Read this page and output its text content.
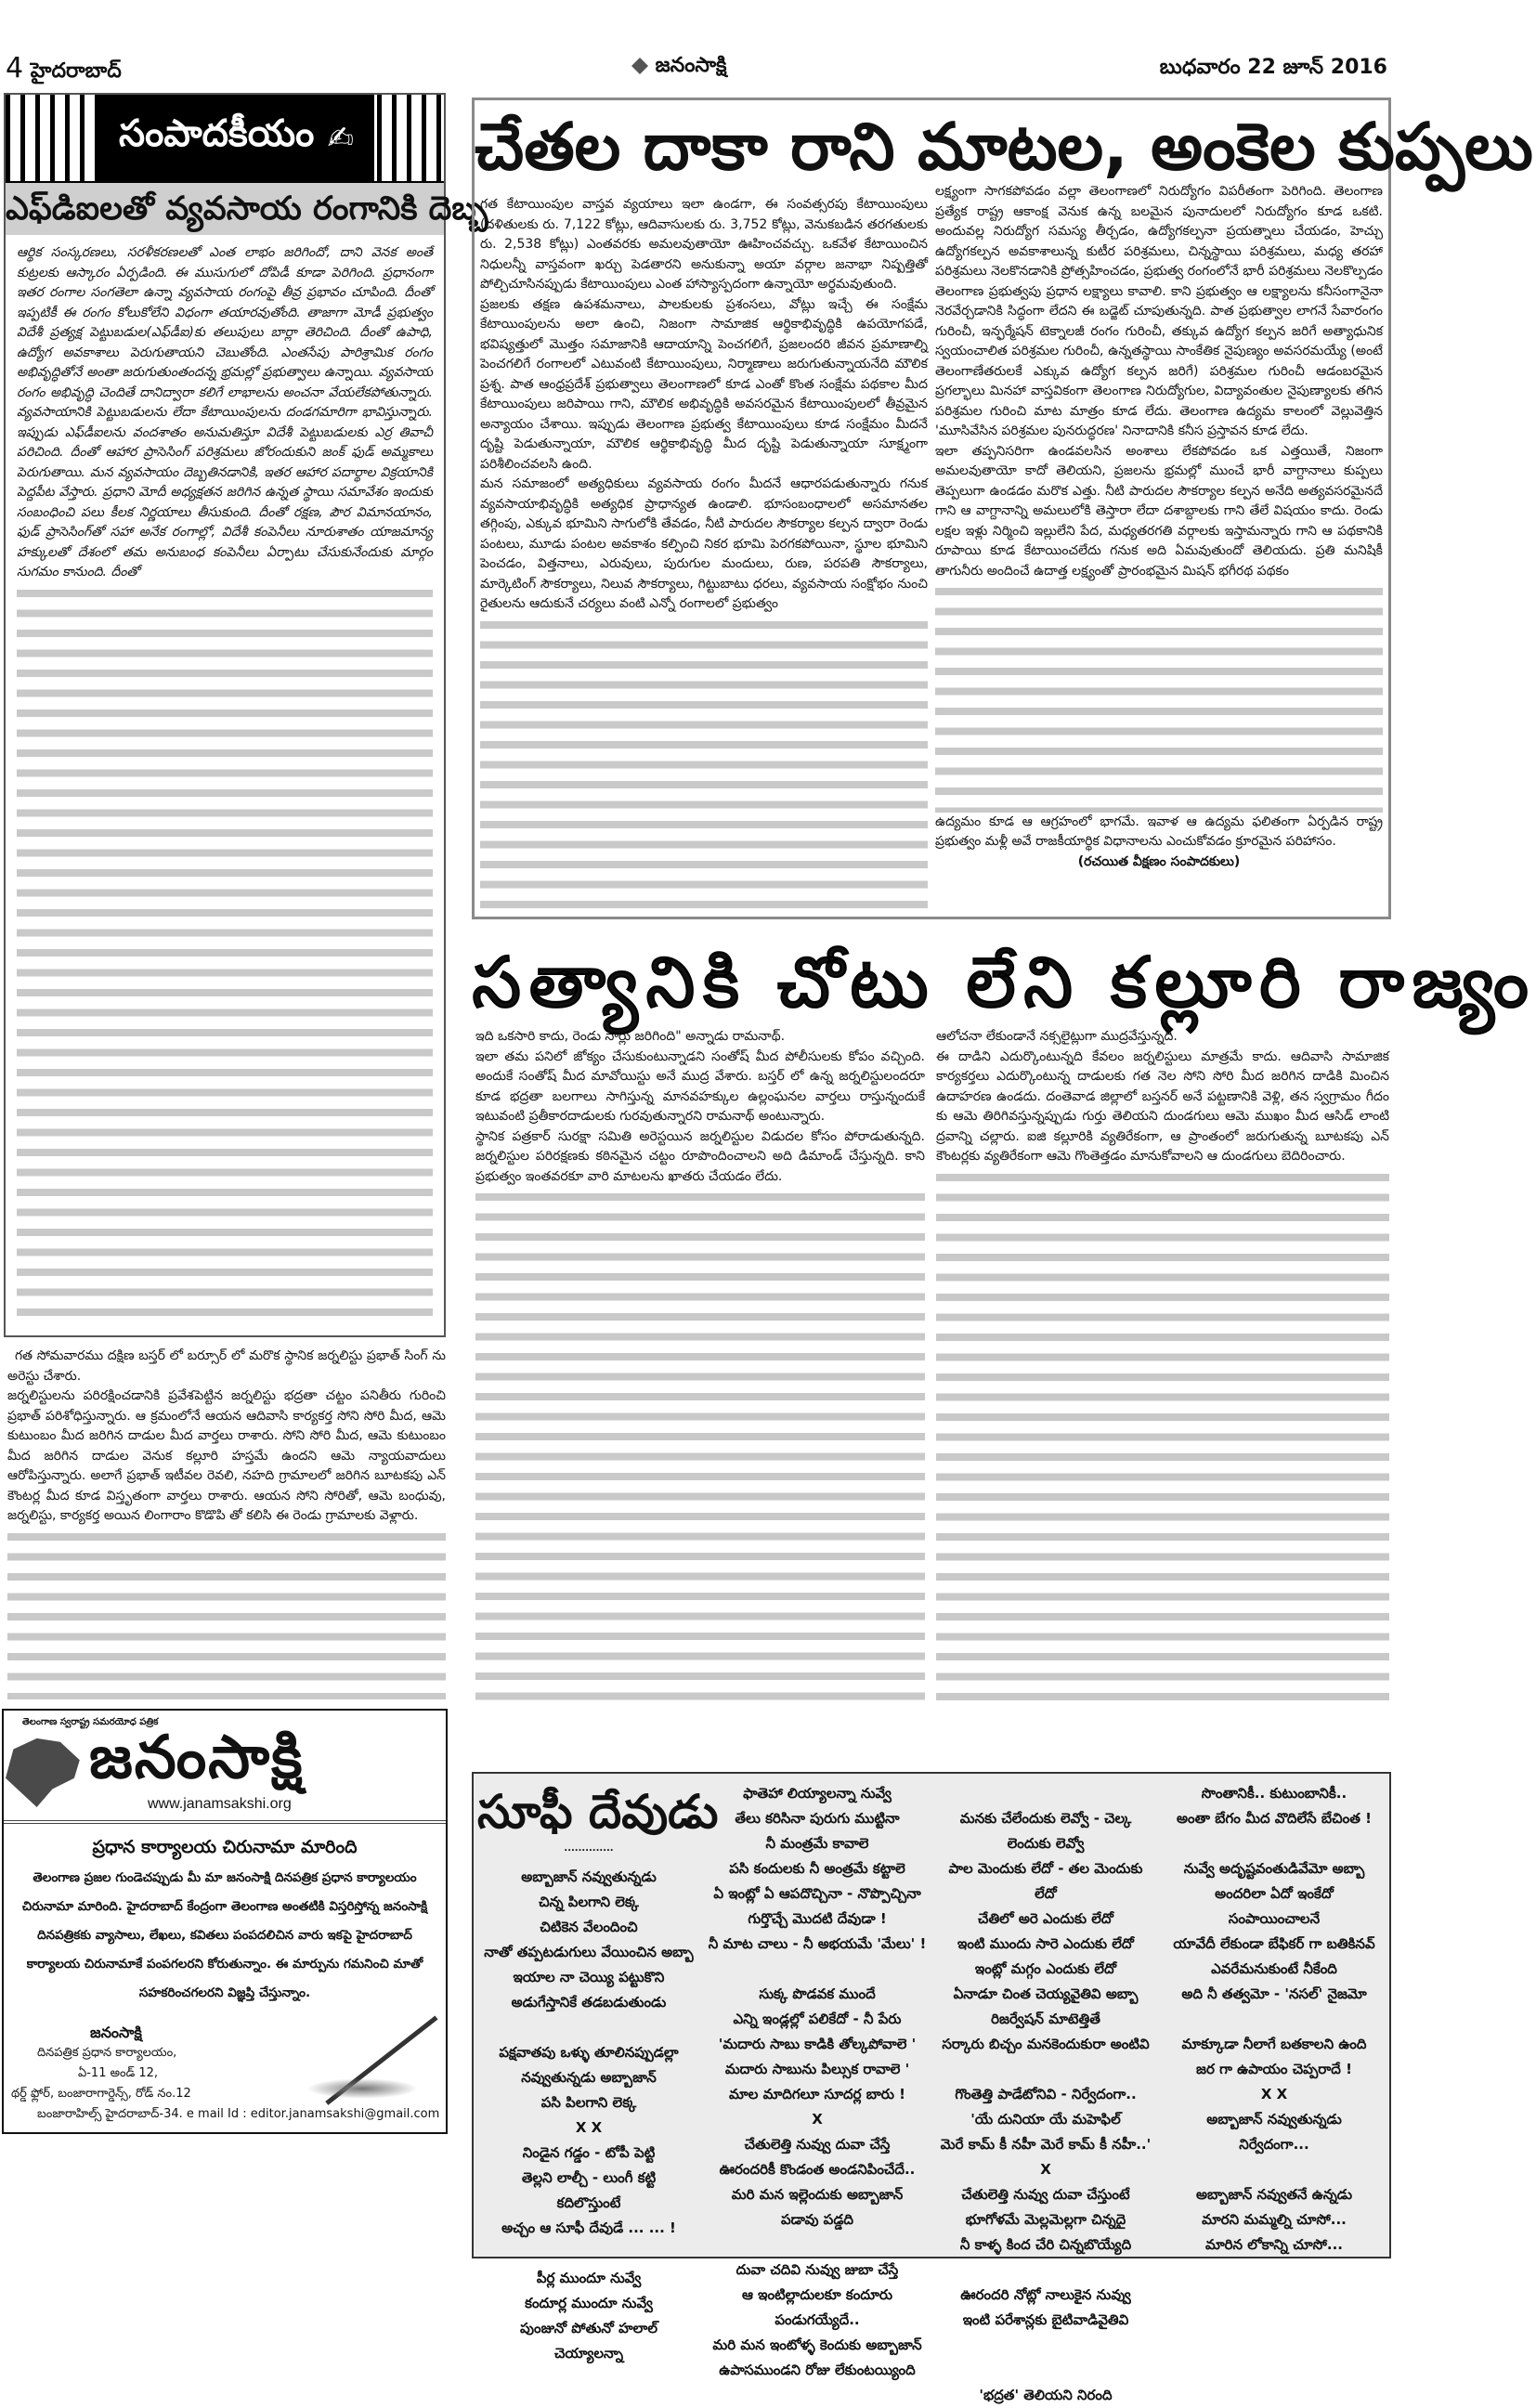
4 హైదరాబాద్	జనంసాక్షి	బుధవారం 22 జూన్ 2016
సంపాదకీయం ✍
ఎఫ్‌డిఐలతో వ్యవసాయ రంగానికి దెబ్బ

ఆర్థిక సంస్కరణలు, సరళీకరణలతో ఎంత లాభం జరిగిందో, దాని వెనక అంతే కుట్రలకు ఆస్కారం ఏర్పడింది. ఈ ముసుగులో దోపిడీ కూడా పెరిగింది. ప్రధానంగా ఇతర రంగాల సంగతెలా ఉన్నా వ్యవసాయ రంగంపై తీవ్ర ప్రభావం చూపింది. దీంతో ఇప్పటికీ ఈ రంగం కోలుకోలేని విధంగా తయారవుతోంది. తాజాగా మోడీ ప్రభుత్వం విదేశీ ప్రత్యక్ష పెట్టుబడుల(ఎఫ్‌డీఐ)కు తలుపులు బార్లా తెరిచింది. దీంతో ఉపాధి, ఉద్యోగ అవకాశాలు పెరుగుతాయని చెబుతోంది. ఎంతసేపు పారిశ్రామిక రంగం అభివృద్ధితోనే అంతా జరుగుతుంతందన్న భ్రమల్లో ప్రభుత్వాలు ఉన్నాయి. వ్యవసాయ రంగం అభివృద్ధి చెందితే దానిద్వారా కలిగే లాభాలను అంచనా వేయలేకపోతున్నారు. వ్యవసాయానికి పెట్టుబడులను లేదా కేటాయింపులను దండగమారిగా భావిస్తున్నారు. ఇప్పుడు ఎఫ్‌డీఐలను వందశాతం అనుమతిస్తూ విదేశీ పెట్టుబడులకు ఎర్ర తివాచీ పరిచింది. దీంతో ఆహార ప్రాసెసింగ్ పరిశ్రమలు జోరందుకుని జంక్ ఫుడ్ అమ్మకాలు పెరుగుతాయి. మన వ్యవసాయం దెబ్బతినడానికి, ఇతర ఆహార పదార్థాల విక్రయానికి పెద్దపీట వేస్తారు. ప్రధాని మోదీ అధ్యక్షతన జరిగిన ఉన్నత స్థాయి సమావేశం ఇందుకు సంబంధించి పలు కీలక నిర్ణయాలు తీసుకుంది. దీంతో రక్షణ, పౌర విమానయానం, ఫుడ్ ప్రాసెసింగ్‌తో సహా అనేక రంగాల్లో, విదేశీ కంపెనీలు నూరుశాతం యాజమాన్య హక్కులతో దేశంలో తమ అనుబంధ కంపెనీలు ఏర్పాటు చేసుకునేందుకు మార్గం సుగమం కానుంది. దీంతో

చేతల దాకా రాని మాటల, అంకెల కుప్పలు

గత కేటాయింపుల వాస్తవ వ్యయాలు ఇలా ఉండగా, ఈ సంవత్సరపు కేటాయింపులు (దళితులకు రు. 7,122 కోట్లు, ఆదివాసులకు రు. 3,752 కోట్లు, వెనుకబడిన తరగతులకు రు. 2,538 కోట్లు) ఎంతవరకు అమలవుతాయో ఊహించవచ్చు. ఒకవేళ కేటాయించిన నిధులన్నీ వాస్తవంగా ఖర్చు పెడతారని అనుకున్నా అయా వర్గాల జనాభా నిష్పత్తితో పోల్చిచూసినప్పుడు కేటాయింపులు ఎంత హాస్యాస్పదంగా ఉన్నాయో అర్థమవుతుంది.

ప్రజలకు తక్షణ ఉపశమనాలు, పాలకులకు ప్రశంసలు, వోట్లు ఇచ్చే ఈ సంక్షేమ కేటాయింపులను అలా ఉంచి, నిజంగా సామాజిక ఆర్థికాభివృద్ధికి ఉపయోగపడే, భవిష్యత్తులో మొత్తం సమాజానికి ఆదాయాన్ని పెంచగలిగే, ప్రజలందరి జీవన ప్రమాణాల్ని పెంచగలిగే రంగాలలో ఎటువంటి కేటాయింపులు, నిర్మాణాలు జరుగుతున్నాయనేది మౌలిక ప్రశ్న. పాత ఆంధ్రప్రదేశ్ ప్రభుత్వాలు తెలంగాణలో కూడ ఎంతో కొంత సంక్షేమ పథకాల మీద కేటాయింపులు జరిపాయి గాని, మౌలిక అభివృద్ధికి అవసరమైన కేటాయింపులలో తీవ్రమైన అన్యాయం చేశాయి. ఇప్పుడు తెలంగాణ ప్రభుత్వ కేటాయింపులు కూడ సంక్షేమం మీదనే దృష్టి పెడుతున్నాయా, మౌలిక ఆర్థికాభివృద్ధి మీద దృష్టి పెడుతున్నాయా సూక్ష్మంగా పరిశీలించవలసి ఉంది.

మన సమాజంలో అత్యధికులు వ్యవసాయ రంగం మీదనే ఆధారపడుతున్నారు గనుక వ్యవసాయాభివృద్ధికి అత్యధిక ప్రాధాన్యత ఉండాలి. భూసంబంధాలలో అసమానతల తగ్గింపు, ఎక్కువ భూమిని సాగులోకి తేవడం, నీటి పారుదల సౌకర్యాల కల్పన ద్వారా రెండు పంటలు, మూడు పంటల అవకాశం కల్పించి నికర భూమి పెరగకపోయినా, స్థూల భూమిని పెంచడం, విత్తనాలు, ఎరువులు, పురుగుల మందులు, రుణ, పరపతి సౌకర్యాలు, మార్కెటింగ్ సౌకర్యాలు, నిలువ సౌకర్యాలు, గిట్టుబాటు ధరలు, వ్యవసాయ సంక్షోభం నుంచి రైతులను ఆదుకునే చర్యలు వంటి ఎన్నో రంగాలలో ప్రభుత్వం

లక్ష్యంగా సాగకపోవడం వల్లా తెలంగాణలో నిరుద్యోగం విపరీతంగా పెరిగింది. తెలంగాణ ప్రత్యేక రాష్ట్ర ఆకాంక్ష వెనుక ఉన్న బలమైన పునాదులలో నిరుద్యోగం కూడ ఒకటి. అందువల్ల నిరుద్యోగ సమస్య తీర్చడం, ఉద్యోగకల్పనా ప్రయత్నాలు చేయడం, హెచ్చు ఉద్యోగకల్పన అవకాశాలున్న కుటీర పరిశ్రమలు, చిన్నస్థాయి పరిశ్రమలు, మధ్య తరహా పరిశ్రమలు నెలకొనడానికి ప్రోత్సహించడం, ప్రభుత్వ రంగంలోనే భారీ పరిశ్రమలు నెలకొల్పడం తెలంగాణ ప్రభుత్వపు ప్రధాన లక్ష్యాలు కావాలి. కాని ప్రభుత్వం ఆ లక్ష్యాలను కనీసంగానైనా నెరవేర్చడానికి సిద్ధంగా లేదని ఈ బడ్జెట్ చూపుతున్నది. పాత ప్రభుత్వాల లాగనే సేవారంగం గురించీ, ఇన్ఫర్మేషన్ టెక్నాలజీ రంగం గురించీ, తక్కువ ఉద్యోగ కల్పన జరిగే అత్యాధునిక స్వయంచాలిత పరిశ్రమల గురించీ, ఉన్నతస్థాయి సాంకేతిక నైపుణ్యం అవసరమయ్యే (అంటే తెలంగాణేతరులకే ఎక్కువ ఉద్యోగ కల్పన జరిగే) పరిశ్రమల గురించీ ఆడంబరమైన ప్రగల్భాలు మినహా వాస్తవికంగా తెలంగాణ నిరుద్యోగుల, విద్యావంతుల నైపుణ్యాలకు తగిన పరిశ్రమల గురించి మాట మాత్రం కూడ లేదు. తెలంగాణ ఉద్యమ కాలంలో వెల్లువెత్తిన 'మూసివేసిన పరిశ్రమల పునరుద్ధరణ' నినాదానికి కనీస ప్రస్తావన కూడ లేదు.

ఇలా తప్పనిసరిగా ఉండవలసిన అంశాలు లేకపోవడం ఒక ఎత్తయితే, నిజంగా అమలవుతాయో కాదో తెలియని, ప్రజలను భ్రమల్లో ముంచే భారీ వాగ్దానాలు కుప్పలు తెప్పలుగా ఉండడం మరొక ఎత్తు. నీటి పారుదల సౌకర్యాల కల్పన అనేది అత్యవసరమైనదే గాని ఆ వాగ్దానాన్ని అమలులోకి తెస్తారా లేదా దశాబ్దాలకు గాని తేలే విషయం కాదు. రెండు లక్షల ఇళ్లు నిర్మించి ఇల్లులేని పేద, మధ్యతరగతి వర్గాలకు ఇస్తామన్నారు గాని ఆ పథకానికి రూపాయి కూడ కేటాయించలేదు గనుక అది ఏమవుతుందో తెలియదు. ప్రతి మనిషికీ తాగునీరు అందించే ఉదాత్త లక్ష్యంతో ప్రారంభమైన మిషన్ భగీరథ పథకం

ఉద్యమం కూడ ఆ ఆగ్రహంలో భాగమే. ఇవాళ ఆ ఉద్యమ ఫలితంగా ఏర్పడిన రాష్ట్ర ప్రభుత్వం మళ్లీ అవే రాజకీయార్థిక విధానాలను ఎంచుకోవడం క్రూరమైన పరిహాసం.

(రచయిత వీక్షణం సంపాదకులు)

సత్యానికి చోటు లేని కల్లూరి రాజ్యం

ఇది ఒకసారి కాదు, రెండు సార్లు జరిగింది" అన్నాడు రామనాథ్.

ఇలా తమ పనిలో జోక్యం చేసుకుంటున్నాడని సంతోష్ మీద పోలీసులకు కోపం వచ్చింది. అందుకే సంతోష్ మీద మావోయిస్టు అనే ముద్ర వేశారు. బస్తర్ లో ఉన్న జర్నలిస్టులందరూ కూడ భద్రతా బలగాలు సాగిస్తున్న మానవహక్కుల ఉల్లంఘనల వార్తలు రాస్తున్నందుకే ఇటువంటి ప్రతీకారదాడులకు గురవుతున్నారని రామనాథ్ అంటున్నారు.

స్థానిక పత్రకార్ సురక్షా సమితి అరెస్టయిన జర్నలిస్టుల విడుదల కోసం పోరాడుతున్నది. జర్నలిస్టుల పరిరక్షణకు కఠినమైన చట్టం రూపొందించాలని అది డిమాండ్ చేస్తున్నది. కాని ప్రభుత్వం ఇంతవరకూ వారి మాటలను ఖాతరు చేయడం లేదు.

ఆలోచనా లేకుండానే నక్సలైట్లుగా ముద్రవేస్తున్నది.

ఈ దాడిని ఎదుర్కొంటున్నది కేవలం జర్నలిస్టులు మాత్రమే కాదు. ఆదివాసి సామాజిక కార్యకర్తలు ఎదుర్కొంటున్న దాడులకు గత నెల సోని సోరి మీద జరిగిన దాడికి మించిన ఉదాహరణ ఉండదు. దంతెవాడ జిల్లాలో బస్తనర్ అనే పట్టణానికి వెళ్లి, తన స్వగ్రామం గీదం కు ఆమె తిరిగివస్తున్నప్పుడు గుర్తు తెలియని దుండగులు ఆమె ముఖం మీద ఆసిడ్ లాంటి ద్రవాన్ని చల్లారు. ఐజి కల్లూరికి వ్యతిరేకంగా, ఆ ప్రాంతంలో జరుగుతున్న బూటకపు ఎన్ కౌంటర్లకు వ్యతిరేకంగా ఆమె గొంతెత్తడం మానుకోవాలని ఆ దుండగులు బెదిరించారు.

గత సోమవారము దక్షిణ బస్తర్ లో బర్సూర్ లో మరొక స్థానిక జర్నలిస్టు ప్రభాత్ సింగ్ ను అరెస్టు చేశారు.

జర్నలిస్టులను పరిరక్షించడానికి ప్రవేశపెట్టిన జర్నలిస్టు భద్రతా చట్టం పనితీరు గురించి ప్రభాత్ పరిశోధిస్తున్నారు. ఆ క్రమంలోనే ఆయన ఆదివాసి కార్యకర్త సోని సోరి మీద, ఆమె కుటుంబం మీద జరిగిన దాడుల మీద వార్తలు రాశారు. సోని సోరి మీద, ఆమె కుటుంబం మీద జరిగిన దాడుల వెనుక కల్లూరి హస్తమే ఉందని ఆమె న్యాయవాదులు ఆరోపిస్తున్నారు. అలాగే ప్రభాత్ ఇటీవల రెవలి, నహది గ్రామాలలో జరిగిన బూటకపు ఎన్ కౌంటర్ల మీద కూడ విస్తృతంగా వార్తలు రాశారు. ఆయన సోని సోరితో, ఆమె బంధువు, జర్నలిస్టు, కార్యకర్త అయిన లింగారాం కొడొపి తో కలిసి ఈ రెండు గ్రామాలకు వెళ్లారు.

తెలంగాణ స్వరాష్ట్ర సమరయోధ పత్రిక
జనంసాక్షి
www.janamsakshi.org
ప్రధాన కార్యాలయ చిరునామా మారింది
తెలంగాణ ప్రజల గుండెచప్పుడు మీ మా జనంసాక్షి దినపత్రిక ప్రధాన కార్యాలయం చిరునామా మారింది. హైదరాబాద్ కేంద్రంగా తెలంగాణ అంతటికి విస్తరిస్తోన్న జనంసాక్షి దినపత్రికకు వ్యాసాలు, లేఖలు, కవితలు పంపదలిచిన వారు ఇకపై హైదరాబాద్ కార్యాలయ చిరునామాకే పంపగలరని కోరుతున్నాం. ఈ మార్పును గమనించి మాతో సహకరించగలరని విజ్ఞప్తి చేస్తున్నాం.
జనంసాక్షి
దినపత్రిక ప్రధాన కార్యాలయం,
ఏ-11 అండ్ 12,
థర్డ్ ఫ్లోర్, బంజారాగార్డెన్స్, రోడ్ నం.12
బంజారాహిల్స్ హైదరాబాద్-34. e mail Id : editor.janamsakshi@gmail.com
సూఫీ దేవుడు
..............
అబ్బాజాన్ నవ్వుతున్నడు
చిన్న పిలగాని లెక్క
చిటికెన వేలందించి
నాతో తప్పటడుగులు వేయించిన అబ్బా
ఇయాల నా చెయ్యి పట్టుకొని
అడుగేస్తానికే తడబడుతుండు
పక్షవాతపు ఒళ్ళు తూలినప్పుడల్లా
నవ్వుతున్నడు అబ్బాజాన్
పసి పిలగాని లెక్క
X X
నిండైన గడ్డం - టోపీ పెట్టి
తెల్లని లాల్చీ - లుంగీ కట్టి
కదిలొస్తుంటే
అచ్చం ఆ సూఫీ దేవుడే ... ... !
పీర్ల ముందూ నువ్వే
కందూర్ల ముందూ నువ్వే
పుంజునో పోతునో హలాల్
చెయ్యాలన్నా
ఫాతెహా లియ్యాలన్నా నువ్వే
తేలు కరిసినా పురుగు ముట్టినా
నీ మంత్రమే కావాలె
పసి కందులకు నీ అంత్రమే కట్టాలె
ఏ ఇంట్లో ఏ ఆపదొచ్చినా - నొప్పొచ్చినా
గుర్తొచ్చే మొదటి దేవుడా !
నీ మాట చాలు - నీ అభయమే 'మేలు' !
సుక్క పొడవక ముందే
ఎన్ని ఇండ్లల్లో పలికేదో - నీ పేరు
'మదారు సాబు కాడికి తోల్కపోవాలె '
మదారు సాబును పిల్సుక రావాలె '
మాల మాదిగలూ సూదర్ల బారు !
X
చేతులెత్తి నువ్వు దువా చేస్తే
ఊరందరికీ కొండంత అండనిపించేదే..
మరి మన ఇల్లెందుకు అబ్బాజాన్
పడావు పడ్డది
దువా చదివి నువ్వు జుబా చేస్తే
ఆ ఇంటిల్లాదులకూ కందూరు
పండుగయ్యేదే..
మరి మన ఇంటోళ్ళ కెందుకు అబ్బాజాన్
ఉపాసముండని రోజు లేకుంటయ్యింది
మనకు చేలేందుకు లెవ్వో - చెల్క
లెందుకు లెవ్వో
పాల మెందుకు లేదో - తల మెందుకు
లేదో
చేతిలో అరె ఎందుకు లేదో
ఇంటి ముందు సారె ఎందుకు లేదో
ఇంట్లో మగ్గం ఎందుకు లేదో
ఏనాడూ చింత చెయ్యవైతివి అబ్బా
రిజర్వేషన్ మాటెత్తితే
సర్కారు బిచ్చం మనకెందుకురా అంటివి
గొంతెత్తి పాడేటోనివి - నిర్వేదంగా..
'యే దునియా యే మహెఫిల్
మెరే కామ్ కీ నహీ మెరే కామ్ కీ నహీ..'
X
చేతులెత్తి నువ్వు దువా చేస్తుంటే
భూగోళమే మెల్లమెల్లగా చిన్నదై
నీ కాళ్ళ కింద చేరి చిన్నబొయ్యేది
ఊరందరి నోట్లో నాలుకైన నువ్వు
ఇంటి పరేశాన్లకు బైటివాడివైతివి
'భద్రత' తెలియని నిరంది
సొంతానికీ.. కుటుంబానికీ..
అంతా బేగం మీద వొదిలేసే బేచింత !
నువ్వే అదృష్టవంతుడివేమో అబ్బా
అందరిలా ఏదో ఇంకేదో
సంపాయించాలనే
యావేదీ లేకుండా బేఫికర్ గా బతికినవ్
ఎవరేమనుకుంటే నీకేంది
అది నీ తత్వమో - 'నసల్' నైజమో
మాక్కూడా నీలాగే బతకాలని ఉంది
జర గా ఉపాయం చెప్పరాదే !
X X
అబ్బాజాన్ నవ్వుతున్నడు
నిర్వేదంగా...
అబ్బాజాన్ నవ్వుతనే ఉన్నడు
మారని మమ్మల్ని చూసో...
మారిన లోకాన్ని చూసో...
